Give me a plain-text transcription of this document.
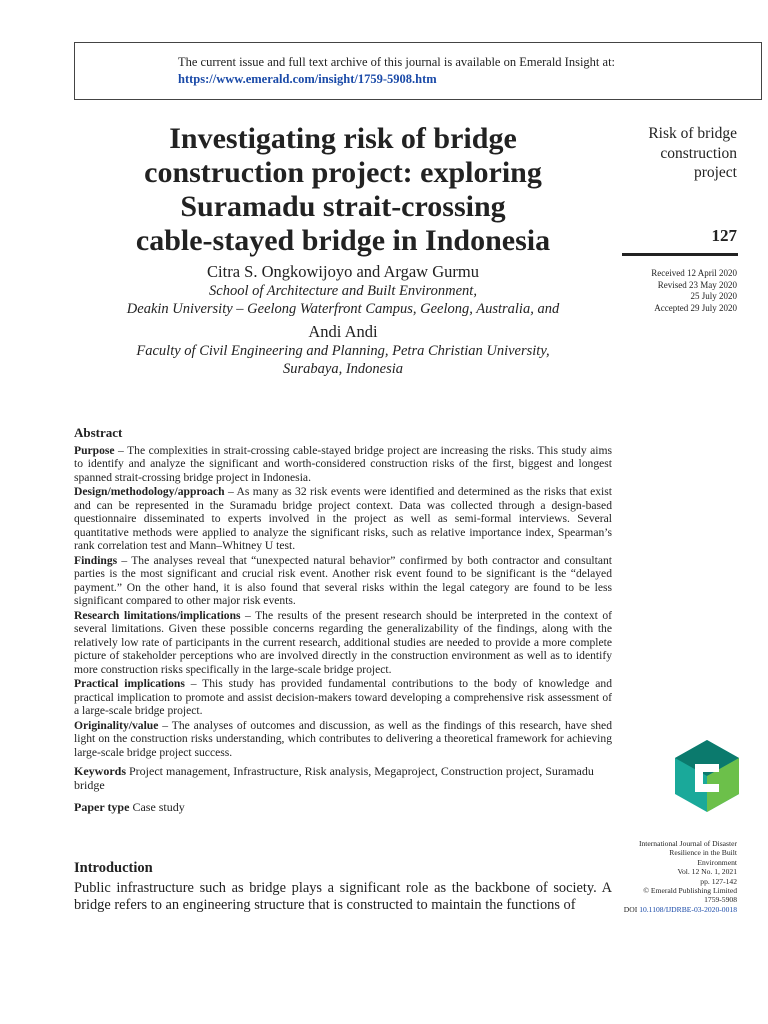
The current issue and full text archive of this journal is available on Emerald Insight at:
https://www.emerald.com/insight/1759-5908.htm
Investigating risk of bridge
construction project: exploring
Suramadu strait-crossing
cable-stayed bridge in Indonesia
Citra S. Ongkowijoyo and Argaw Gurmu
School of Architecture and Built Environment,
Deakin University – Geelong Waterfront Campus, Geelong, Australia, and
Andi Andi
Faculty of Civil Engineering and Planning, Petra Christian University,
Surabaya, Indonesia
Risk of bridge
construction
project
127
Received 12 April 2020
Revised 23 May 2020
25 July 2020
Accepted 29 July 2020
Abstract

Purpose – The complexities in strait-crossing cable-stayed bridge project are increasing the risks. This study aims to identify and analyze the significant and worth-considered construction risks of the first, biggest and longest spanned strait-crossing bridge project in Indonesia.

Design/methodology/approach – As many as 32 risk events were identified and determined as the risks that exist and can be represented in the Suramadu bridge project context. Data was collected through a design-based questionnaire disseminated to experts involved in the project as well as semi-formal interviews. Several quantitative methods were applied to analyze the significant risks, such as relative importance index, Spearman’s rank correlation test and Mann–Whitney U test.

Findings – The analyses reveal that “unexpected natural behavior” confirmed by both contractor and consultant parties is the most significant and crucial risk event. Another risk event found to be significant is the “delayed payment.” On the other hand, it is also found that several risks within the legal category are found to be less significant compared to other major risk events.

Research limitations/implications – The results of the present research should be interpreted in the context of several limitations. Given these possible concerns regarding the generalizability of the findings, along with the relatively low rate of participants in the current research, additional studies are needed to provide a more complete picture of stakeholder perceptions who are involved directly in the construction environment as well as to identify more construction risks specifically in the large-scale bridge project.

Practical implications – This study has provided fundamental contributions to the body of knowledge and practical implication to promote and assist decision-makers toward developing a comprehensive risk assessment of a large-scale bridge project.

Originality/value – The analyses of outcomes and discussion, as well as the findings of this research, have shed light on the construction risks understanding, which contributes to delivering a theoretical framework for achieving large-scale bridge project success.

Keywords Project management, Infrastructure, Risk analysis, Megaproject, Construction project, Suramadu bridge

Paper type Case study

Introduction

Public infrastructure such as bridge plays a significant role as the backbone of society. A bridge refers to an engineering structure that is constructed to maintain the functions of

International Journal of Disaster
Resilience in the Built
Environment
Vol. 12 No. 1, 2021
pp. 127-142
© Emerald Publishing Limited
1759-5908
DOI 10.1108/IJDRBE-03-2020-0018
